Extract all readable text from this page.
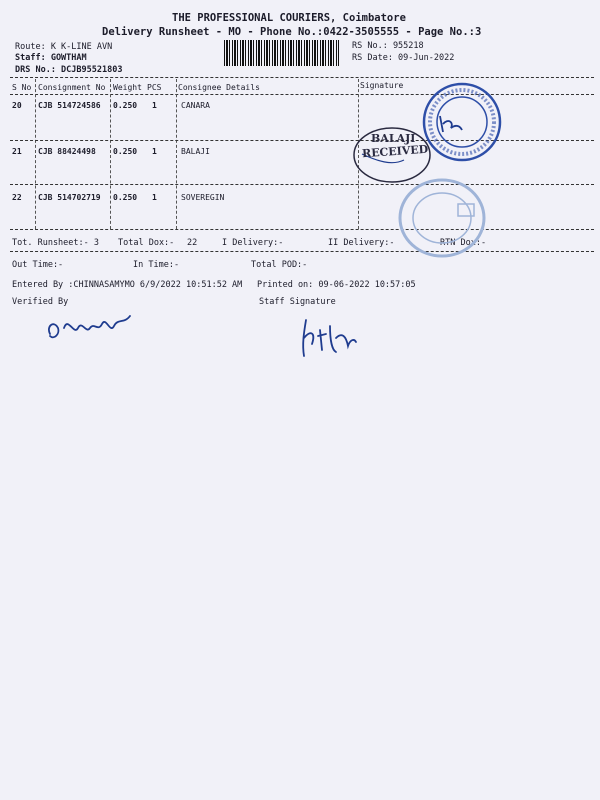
THE PROFESSIONAL COURIERS, Coimbatore
Delivery Runsheet - MO - Phone No.:0422-3505555 - Page No.:3
Route: K K-LINE AVN
Staff: GOWTHAM
DRS No.: DCJB95521803
RS No.: 955218
RS Date: 09-Jun-2022
S No Consignment No Weight PCS Consignee Details	Signature
20 CJB 514724586 0.250 1	CANARA
21 CJB 88424498 0.250 1	BALAJI
22 CJB 514702719 0.250 1	SOVEREGIN
Tot. Runsheet:- 3 Total Dox:- 22	I Delivery:-	II Delivery:-	RTN Dox:-
Out Time:-	In Time:-	Total POD:-
Entered By :CHINNASAMYMO 6/9/2022 10:51:52 AM Printed on: 09-06-2022 10:57:05
Verified By	Staff Signature
BALAJI
RECEIVED
